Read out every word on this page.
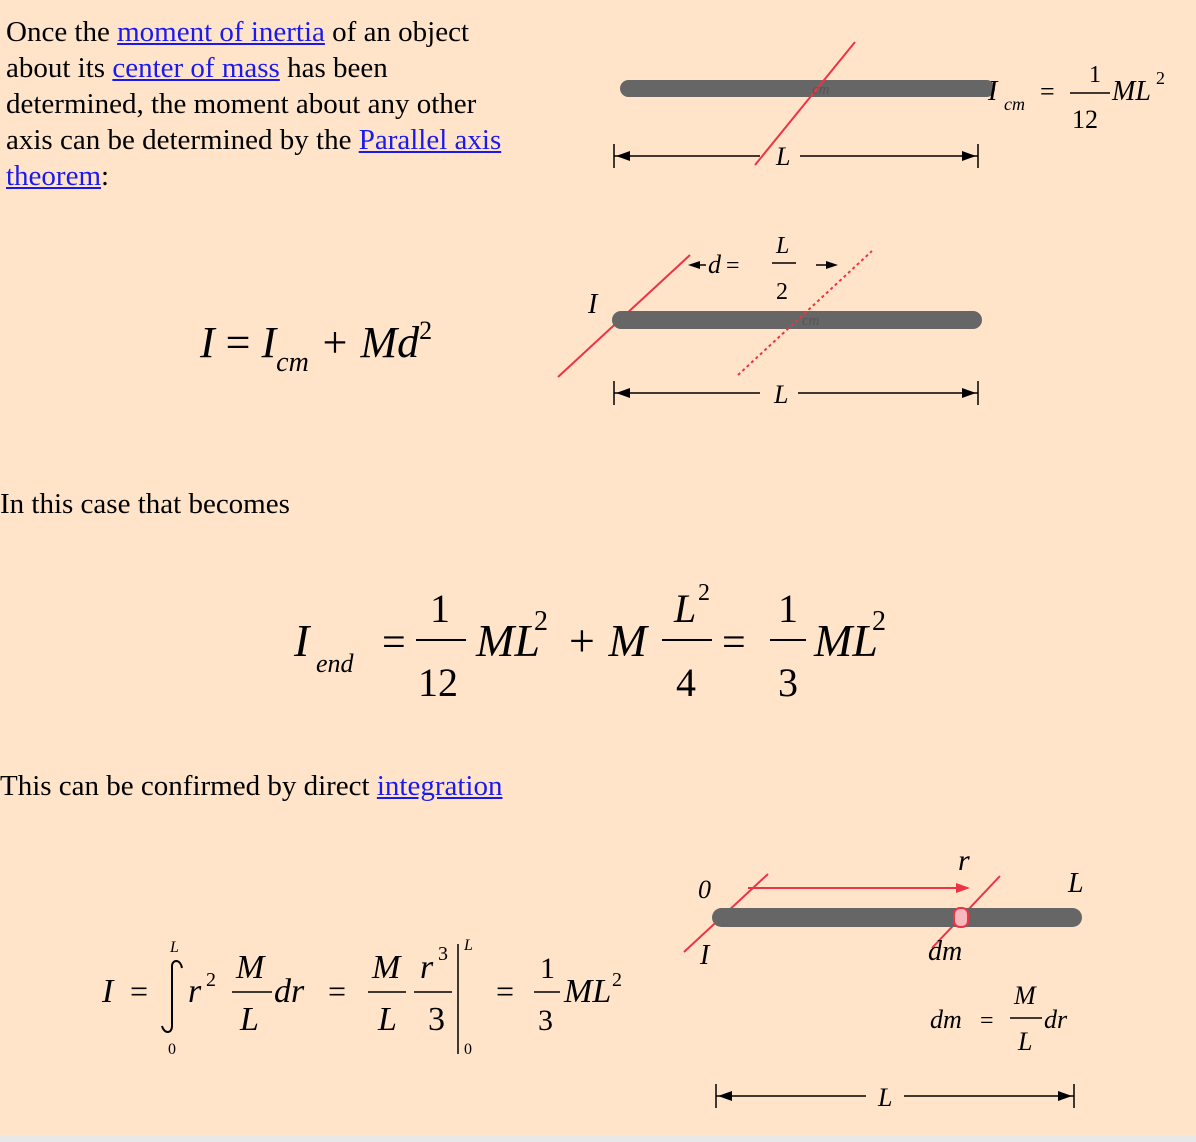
Once the moment of inertia of an object
about its center of mass has been
determined, the moment about any other
axis can be determined by the Parallel axis
theorem:
cm
L
I cm =
1
12
ML 2
$I = I_{cm} + Md^2$	cm
I
d =
L
2
L
In this case that becomes
I end =
1
12
ML
2 + M
L 2
4
=
1
3
ML
2
This can be confirmed by direct integration
I =
L
0
r 2 M
L
dr =
M
L
r 3
3
L
0
=
1
3
ML 2
0
r
L
I	dm
dm =
M
L
dr
L
